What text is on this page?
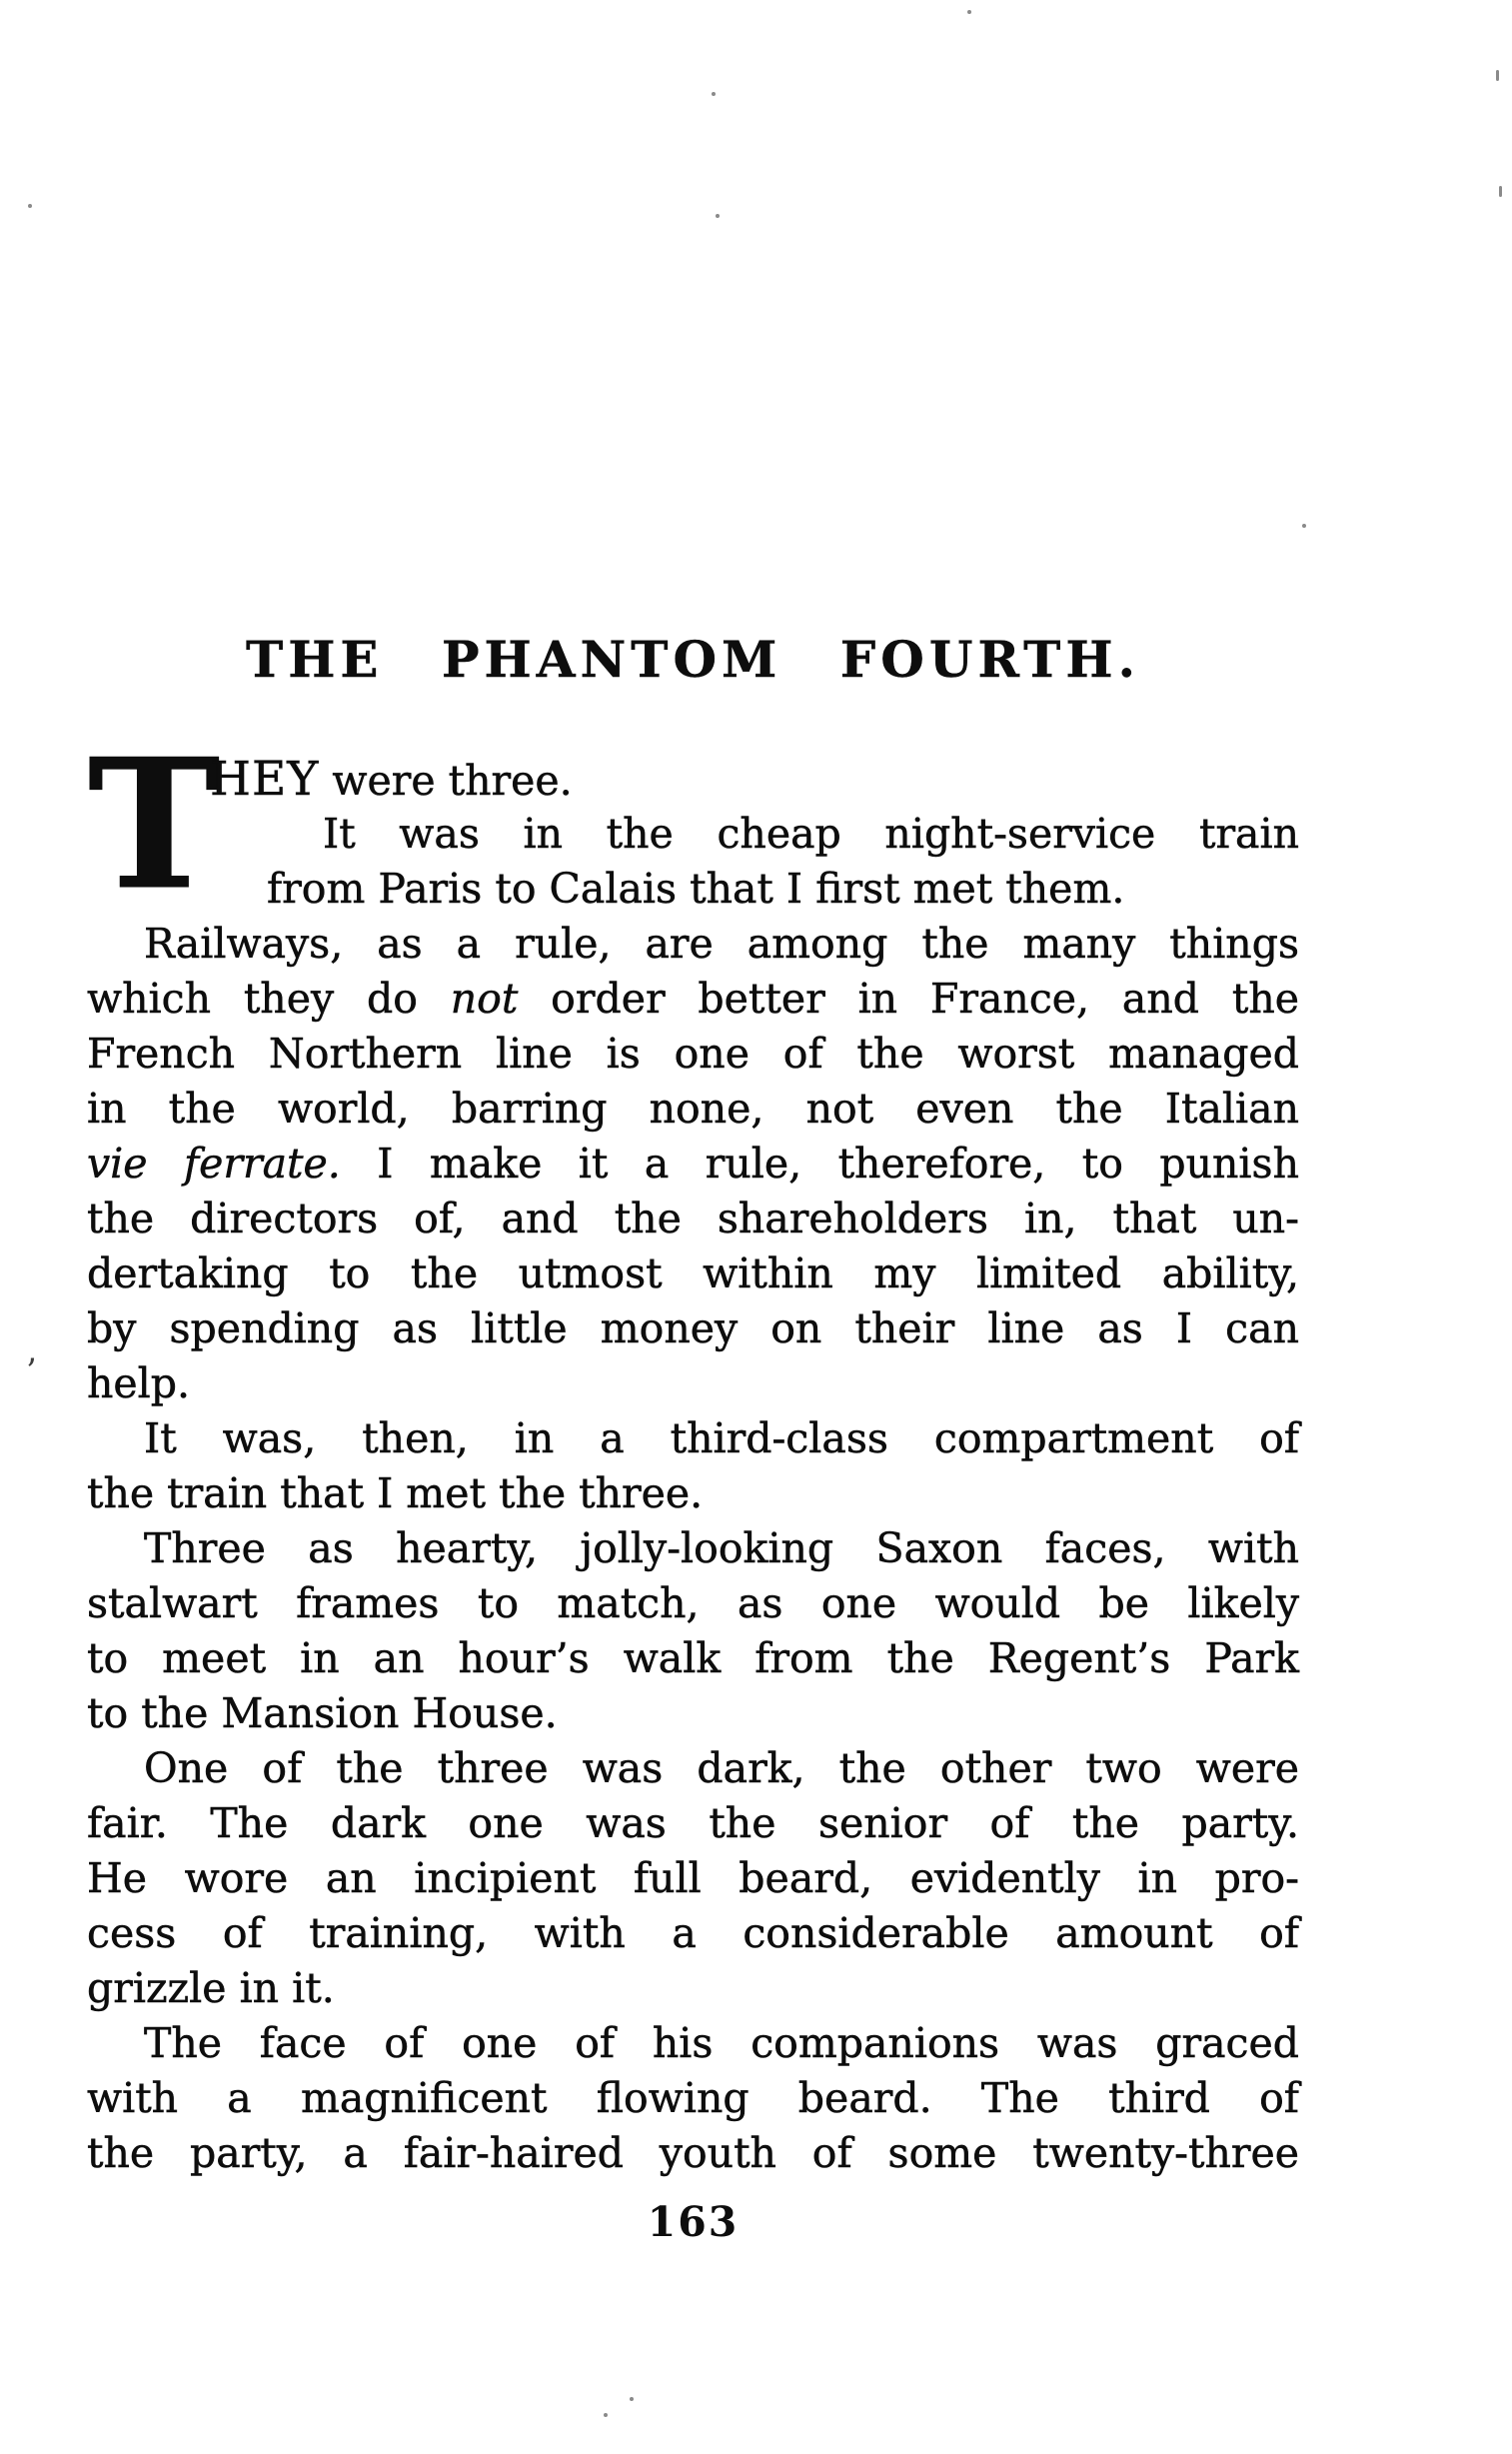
THE PHANTOM FOURTH.
T
HEY were three.
It was in the cheap night-service train
from Paris to Calais that I first met them.
Railways, as a rule, are among the many things
which they do not order better in France, and the
French Northern line is one of the worst managed
in the world, barring none, not even the Italian
vie ferrate. I make it a rule, therefore, to punish
the directors of, and the shareholders in, that un-
dertaking to the utmost within my limited ability,
by spending as little money on their line as I can
help.
It was, then, in a third-class compartment of
the train that I met the three.
Three as hearty, jolly-looking Saxon faces, with
stalwart frames to match, as one would be likely
to meet in an hour’s walk from the Regent’s Park
to the Mansion House.
One of the three was dark, the other two were
fair. The dark one was the senior of the party.
He wore an incipient full beard, evidently in pro-
cess of training, with a considerable amount of
grizzle in it.
The face of one of his companions was graced
with a magnificent flowing beard. The third of
the party, a fair-haired youth of some twenty-three
’
163
